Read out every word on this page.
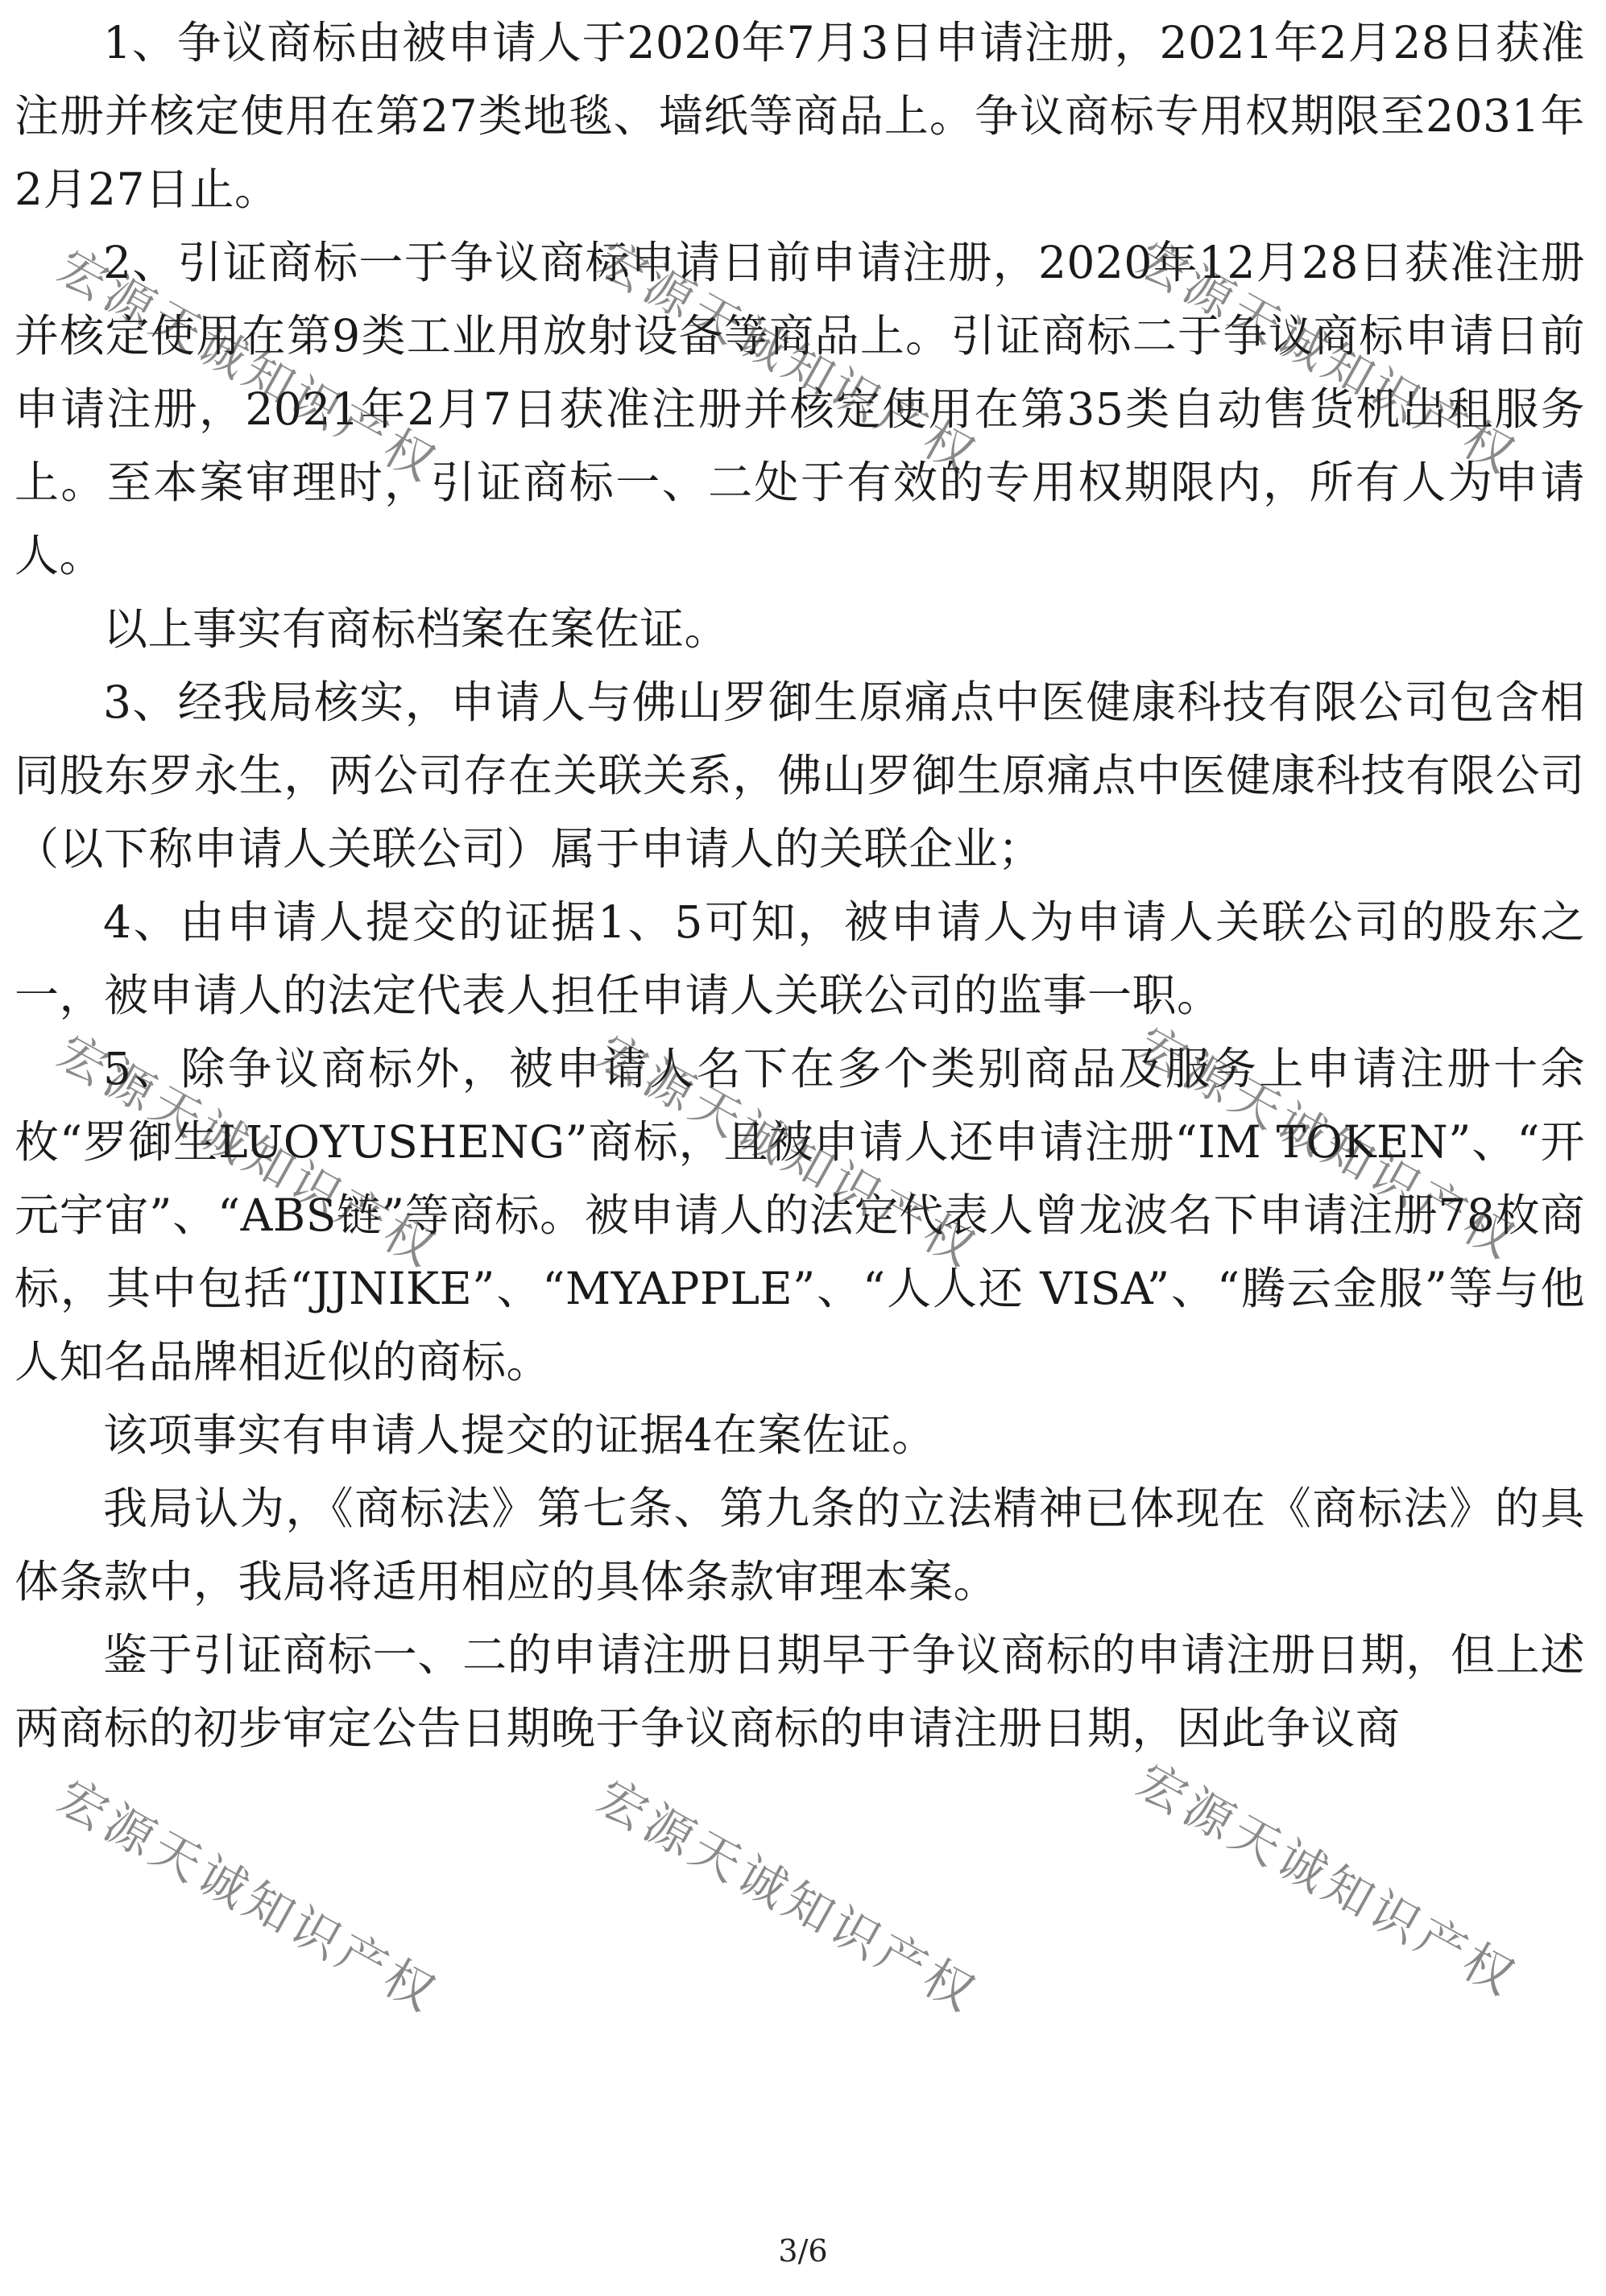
1、争议商标由被申请人于2020年7月3日申请注册，2021年2月28日获准注册并核定使用在第27类地毯、墙纸等商品上。争议商标专用权期限至2031年2月27日止。

2、引证商标一于争议商标申请日前申请注册，2020年12月28日获准注册并核定使用在第9类工业用放射设备等商品上。引证商标二于争议商标申请日前申请注册，2021年2月7日获准注册并核定使用在第35类自动售货机出租服务上。至本案审理时，引证商标一、二处于有效的专用权期限内，所有人为申请人。

以上事实有商标档案在案佐证。

3、经我局核实，申请人与佛山罗御生原痛点中医健康科技有限公司包含相同股东罗永生，两公司存在关联关系，佛山罗御生原痛点中医健康科技有限公司（以下称申请人关联公司）属于申请人的关联企业；

4、由申请人提交的证据1、5可知，被申请人为申请人关联公司的股东之一，被申请人的法定代表人担任申请人关联公司的监事一职。

5、除争议商标外，被申请人名下在多个类别商品及服务上申请注册十余枚“罗御生LUOYUSHENG”商标，且被申请人还申请注册“IM TOKEN”、“开元宇宙”、“ABS链”等商标。被申请人的法定代表人曾龙波名下申请注册78枚商标，其中包括“JJNIKE”、“MYAPPLE”、“人人还 VISA”、“腾云金服”等与他人知名品牌相近似的商标。

该项事实有申请人提交的证据4在案佐证。

我局认为，《商标法》第七条、第九条的立法精神已体现在《商标法》的具体条款中，我局将适用相应的具体条款审理本案。

鉴于引证商标一、二的申请注册日期早于争议商标的申请注册日期，但上述两商标的初步审定公告日期晚于争议商标的申请注册日期，因此争议商

宏源天诚知识产权	宏源天诚知识产权	宏源天诚知识产权
宏源天诚知识产权	宏源天诚知识产权	宏源天诚知识产权
宏源天诚知识产权	宏源天诚知识产权	宏源天诚知识产权
3/6
